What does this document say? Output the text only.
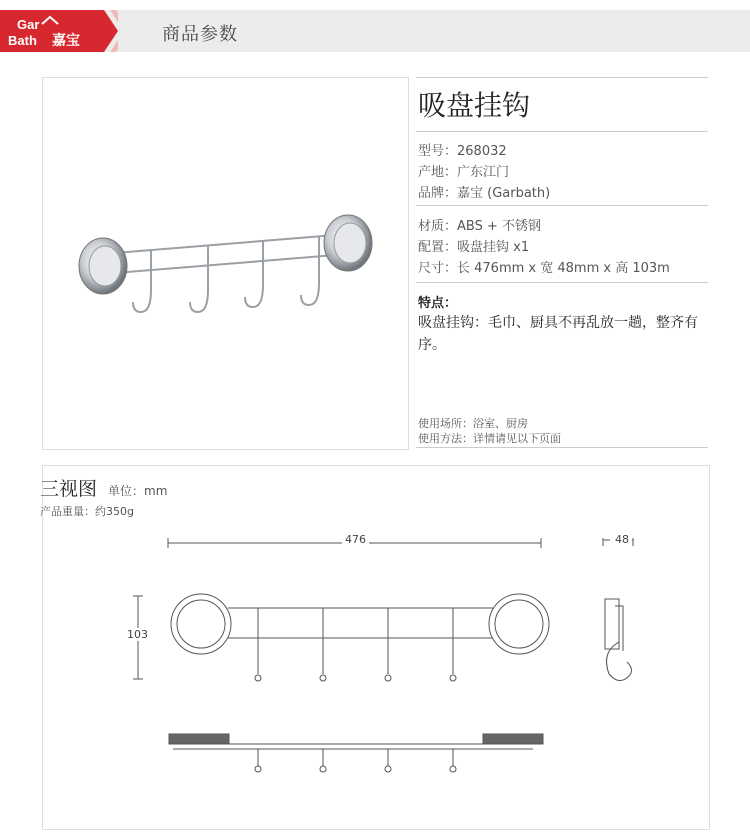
Gar
Bath 嘉宝	商品参数
吸盘挂钩
型号：268032
产地：广东江门
品牌：嘉宝 (Garbath)
材质：ABS + 不锈钢
配置：吸盘挂钩 x1
尺寸：长 476mm x 宽 48mm x 高 103m
特点：
吸盘挂钩：毛巾、厨具不再乱放一趟，整齐有序。
使用场所：浴室、厨房
使用方法：详情请见以下页面
三视图 单位：mm
产品重量：约350g
476
103
48
